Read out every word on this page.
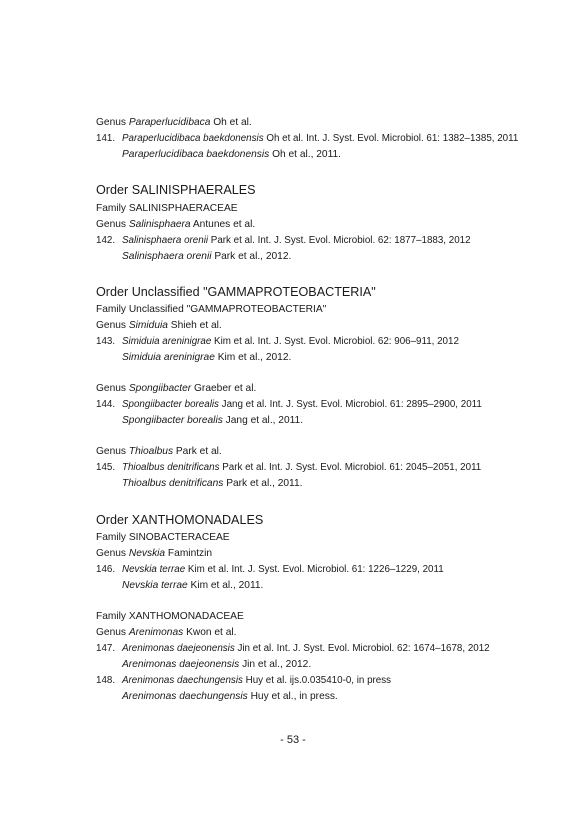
Genus Paraperlucidibaca Oh et al.
141. Paraperlucidibaca baekdonensis Oh et al. Int. J. Syst. Evol. Microbiol. 61: 1382–1385, 2011
Paraperlucidibaca baekdonensis Oh et al., 2011.
Order SALINISPHAERALES
Family SALINISPHAERACEAE
Genus Salinisphaera Antunes et al.
142. Salinisphaera orenii Park et al. Int. J. Syst. Evol. Microbiol. 62: 1877–1883, 2012
Salinisphaera orenii Park et al., 2012.
Order Unclassified "GAMMAPROTEOBACTERIA"
Family Unclassified "GAMMAPROTEOBACTERIA"
Genus Simiduia Shieh et al.
143. Simiduia areninigrae Kim et al. Int. J. Syst. Evol. Microbiol. 62: 906–911, 2012
Simiduia areninigrae Kim et al., 2012.
Genus Spongiibacter Graeber et al.
144. Spongiibacter borealis Jang et al. Int. J. Syst. Evol. Microbiol. 61: 2895–2900, 2011
Spongiibacter borealis Jang et al., 2011.
Genus Thioalbus Park et al.
145. Thioalbus denitrificans Park et al. Int. J. Syst. Evol. Microbiol. 61: 2045–2051, 2011
Thioalbus denitrificans Park et al., 2011.
Order XANTHOMONADALES
Family SINOBACTERACEAE
Genus Nevskia Famintzin
146. Nevskia terrae Kim et al. Int. J. Syst. Evol. Microbiol. 61: 1226–1229, 2011
Nevskia terrae Kim et al., 2011.
Family XANTHOMONADACEAE
Genus Arenimonas Kwon et al.
147. Arenimonas daejeonensis Jin et al. Int. J. Syst. Evol. Microbiol. 62: 1674–1678, 2012
Arenimonas daejeonensis Jin et al., 2012.
148. Arenimonas daechungensis Huy et al. ijs.0.035410-0, in press
Arenimonas daechungensis Huy et al., in press.
- 53 -
